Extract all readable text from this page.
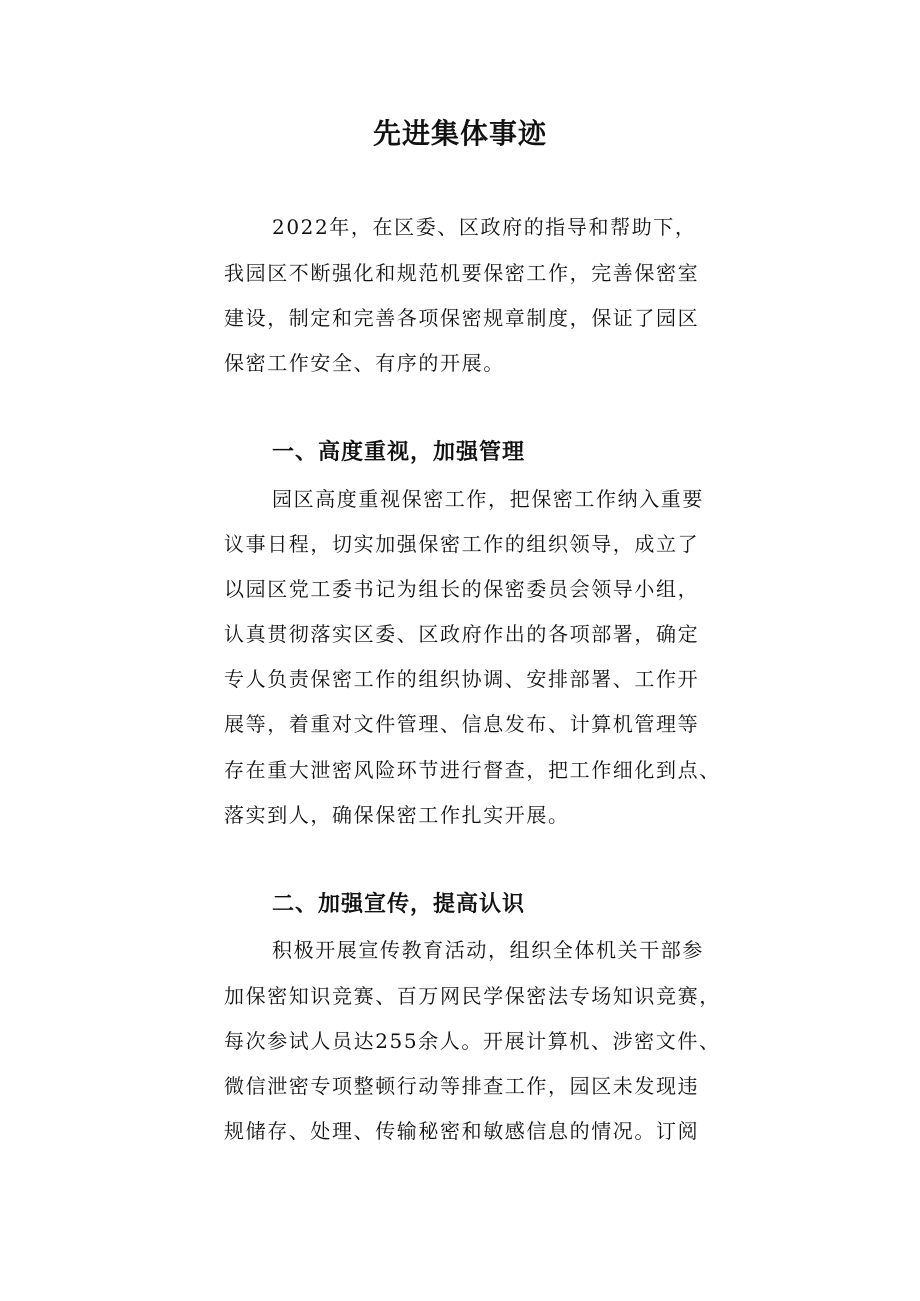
先进集体事迹
2022年，在区委、区政府的指导和帮助下，
我园区不断强化和规范机要保密工作，完善保密室
建设，制定和完善各项保密规章制度，保证了园区
保密工作安全、有序的开展。
一、高度重视，加强管理
园区高度重视保密工作，把保密工作纳入重要
议事日程，切实加强保密工作的组织领导，成立了
以园区党工委书记为组长的保密委员会领导小组，
认真贯彻落实区委、区政府作出的各项部署，确定
专人负责保密工作的组织协调、安排部署、工作开
展等，着重对文件管理、信息发布、计算机管理等
存在重大泄密风险环节进行督查，把工作细化到点、
落实到人，确保保密工作扎实开展。
二、加强宣传，提高认识
积极开展宣传教育活动，组织全体机关干部参
加保密知识竞赛、百万网民学保密法专场知识竞赛，
每次参试人员达255余人。开展计算机、涉密文件、
微信泄密专项整顿行动等排查工作，园区未发现违
规储存、处理、传输秘密和敏感信息的情况。订阅
